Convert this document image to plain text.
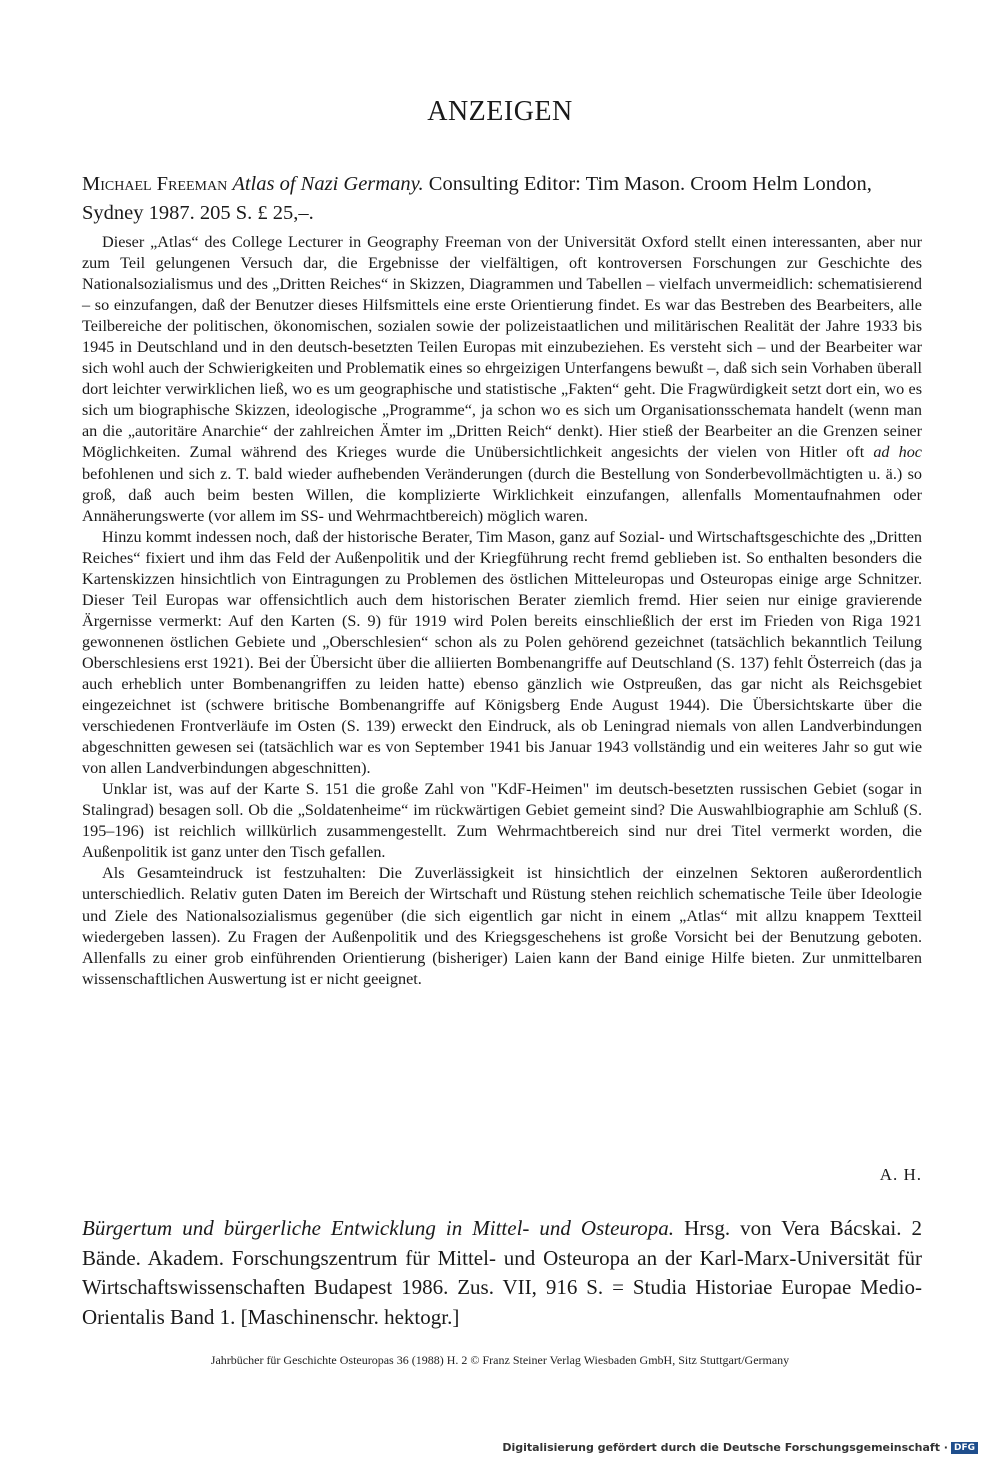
ANZEIGEN
Michael Freeman Atlas of Nazi Germany. Consulting Editor: Tim Mason. Croom Helm London, Sydney 1987. 205 S. £ 25,–.

Dieser „Atlas“ des College Lecturer in Geography Freeman von der Universität Oxford stellt einen interessanten, aber nur zum Teil gelungenen Versuch dar, die Ergebnisse der vielfältigen, oft kontroversen Forschungen zur Geschichte des Nationalsozialismus und des „Dritten Reiches“ in Skizzen, Diagrammen und Tabellen – vielfach unvermeidlich: schematisierend – so einzufangen, daß der Benutzer dieses Hilfsmittels eine erste Orientierung findet. Es war das Bestreben des Bearbeiters, alle Teilbereiche der politischen, ökonomischen, sozialen sowie der polizeistaatlichen und militärischen Realität der Jahre 1933 bis 1945 in Deutschland und in den deutsch-besetzten Teilen Europas mit einzubeziehen. Es versteht sich – und der Bearbeiter war sich wohl auch der Schwierigkeiten und Problematik eines so ehrgeizigen Unterfangens bewußt –, daß sich sein Vorhaben überall dort leichter verwirklichen ließ, wo es um geographische und statistische „Fakten“ geht. Die Fragwürdigkeit setzt dort ein, wo es sich um biographische Skizzen, ideologische „Programme“, ja schon wo es sich um Organisationsschemata handelt (wenn man an die „autoritäre Anarchie“ der zahlreichen Ämter im „Dritten Reich“ denkt). Hier stieß der Bearbeiter an die Grenzen seiner Möglichkeiten. Zumal während des Krieges wurde die Unübersichtlichkeit angesichts der vielen von Hitler oft ad hoc befohlenen und sich z. T. bald wieder aufhebenden Veränderungen (durch die Bestellung von Sonderbevollmächtigten u. ä.) so groß, daß auch beim besten Willen, die komplizierte Wirklichkeit einzufangen, allenfalls Momentaufnahmen oder Annäherungswerte (vor allem im SS- und Wehrmachtbereich) möglich waren.

Hinzu kommt indessen noch, daß der historische Berater, Tim Mason, ganz auf Sozial- und Wirtschaftsgeschichte des „Dritten Reiches“ fixiert und ihm das Feld der Außenpolitik und der Kriegführung recht fremd geblieben ist. So enthalten besonders die Kartenskizzen hinsichtlich von Eintragungen zu Problemen des östlichen Mitteleuropas und Osteuropas einige arge Schnitzer. Dieser Teil Europas war offensichtlich auch dem historischen Berater ziemlich fremd. Hier seien nur einige gravierende Ärgernisse vermerkt: Auf den Karten (S. 9) für 1919 wird Polen bereits einschließlich der erst im Frieden von Riga 1921 gewonnenen östlichen Gebiete und „Oberschlesien“ schon als zu Polen gehörend gezeichnet (tatsächlich bekanntlich Teilung Oberschlesiens erst 1921). Bei der Übersicht über die alliierten Bombenangriffe auf Deutschland (S. 137) fehlt Österreich (das ja auch erheblich unter Bombenangriffen zu leiden hatte) ebenso gänzlich wie Ostpreußen, das gar nicht als Reichsgebiet eingezeichnet ist (schwere britische Bombenangriffe auf Königsberg Ende August 1944). Die Übersichtskarte über die verschiedenen Frontverläufe im Osten (S. 139) erweckt den Eindruck, als ob Leningrad niemals von allen Landverbindungen abgeschnitten gewesen sei (tatsächlich war es von September 1941 bis Januar 1943 vollständig und ein weiteres Jahr so gut wie von allen Landverbindungen abgeschnitten).

Unklar ist, was auf der Karte S. 151 die große Zahl von "KdF-Heimen" im deutsch-besetzten russischen Gebiet (sogar in Stalingrad) besagen soll. Ob die „Soldatenheime“ im rückwärtigen Gebiet gemeint sind? Die Auswahlbiographie am Schluß (S. 195–196) ist reichlich willkürlich zusammengestellt. Zum Wehrmachtbereich sind nur drei Titel vermerkt worden, die Außenpolitik ist ganz unter den Tisch gefallen.

Als Gesamteindruck ist festzuhalten: Die Zuverlässigkeit ist hinsichtlich der einzelnen Sektoren außerordentlich unterschiedlich. Relativ guten Daten im Bereich der Wirtschaft und Rüstung stehen reichlich schematische Teile über Ideologie und Ziele des Nationalsozialismus gegenüber (die sich eigentlich gar nicht in einem „Atlas“ mit allzu knappem Textteil wiedergeben lassen). Zu Fragen der Außenpolitik und des Kriegsgeschehens ist große Vorsicht bei der Benutzung geboten. Allenfalls zu einer grob einführenden Orientierung (bisheriger) Laien kann der Band einige Hilfe bieten. Zur unmittelbaren wissenschaftlichen Auswertung ist er nicht geeignet.

A. H.
Bürgertum und bürgerliche Entwicklung in Mittel- und Osteuropa. Hrsg. von Vera Bácskai. 2 Bände. Akadem. Forschungszentrum für Mittel- und Osteuropa an der Karl-Marx-Universität für Wirtschaftswissenschaften Budapest 1986. Zus. VII, 916 S. = Studia Historiae Europae Medio-Orientalis Band 1. [Maschinenschr. hektogr.]
Jahrbücher für Geschichte Osteuropas 36 (1988) H. 2 © Franz Steiner Verlag Wiesbaden GmbH, Sitz Stuttgart/Germany
Digitalisierung gefördert durch die Deutsche Forschungsgemeinschaft · DFG
